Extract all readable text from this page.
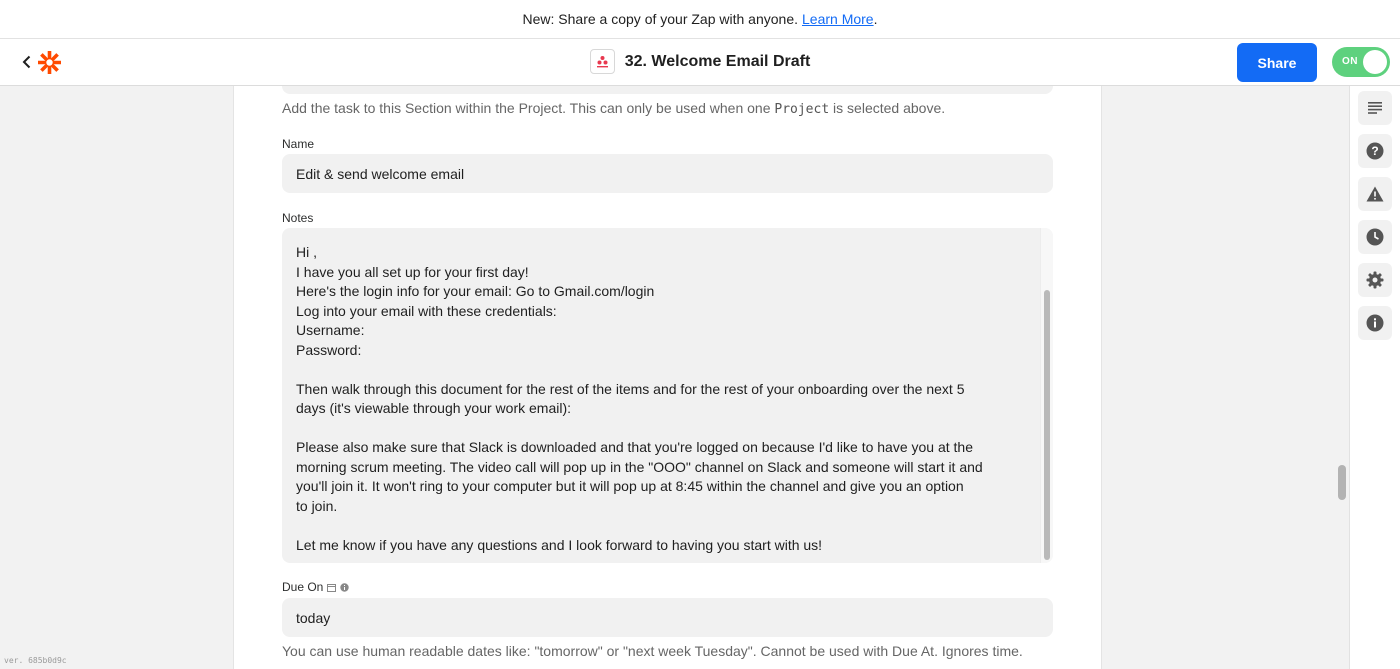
New: Share a copy of your Zap with anyone. Learn More .
32. Welcome Email Draft	Share	ON
Add the task to this Section within the Project. This can only be used when one Project is selected above.
Name
Edit & send welcome email
Notes
Hi ,
I have you all set up for your first day!
Here's the login info for your email: Go to Gmail.com/login
Log into your email with these credentials:
Username:
Password:
Then walk through this document for the rest of the items and for the rest of your onboarding over the next 5
days (it's viewable through your work email):
Please also make sure that Slack is downloaded and that you're logged on because I'd like to have you at the
morning scrum meeting. The video call will pop up in the "OOO" channel on Slack and someone will start it and
you'll join it. It won't ring to your computer but it will pop up at 8:45 within the channel and give you an option
to join.
Let me know if you have any questions and I look forward to having you start with us!
Due On
today
You can use human readable dates like: "tomorrow" or "next week Tuesday". Cannot be used with Due At. Ignores time.
?
ver. 685b0d9c
